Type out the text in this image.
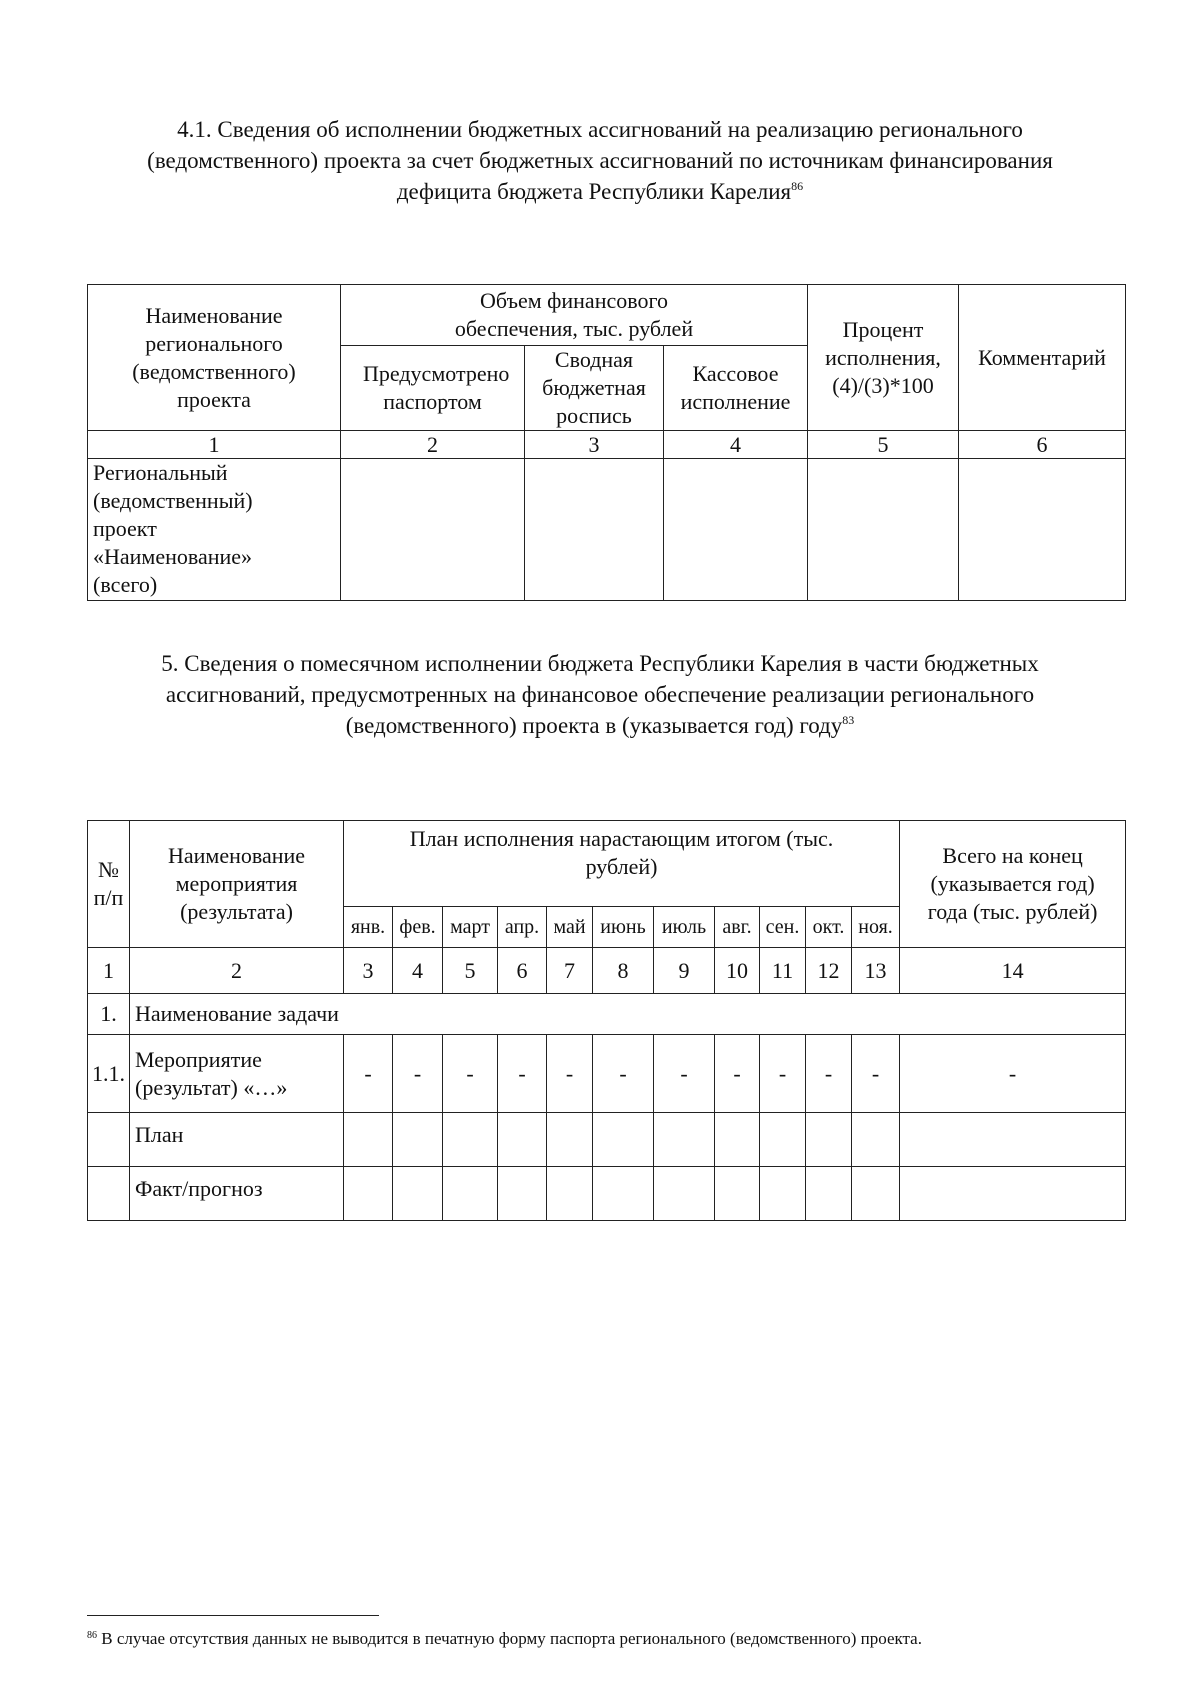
4.1. Сведения об исполнении бюджетных ассигнований на реализацию регионального
(ведомственного) проекта за счет бюджетных ассигнований по источникам финансирования
дефицита бюджета Республики Карелия$^{86}$
Наименование регионального (ведомственного) проекта	Объем финансового обеспечения, тыс. рублей			Процент исполнения, (4)/(3)*100	Комментарий
	Предусмотрено паспортом	Сводная бюджетная роспись	Кассовое исполнение		
1	2	3	4	5	6
Региональный (ведомственный) проект «Наименование» (всего)					
5. Сведения о помесячном исполнении бюджета Республики Карелия в части бюджетных
ассигнований, предусмотренных на финансовое обеспечение реализации регионального
(ведомственного) проекта в (указывается год) году$^{83}$
№ п/п	Наименование мероприятия (результата)	План исполнения нарастающим итогом (тыс. рублей)											Всего на конец (указывается год) года (тыс. рублей)
		янв.	фев.	март	апр.	май	июнь	июль	авг.	сен.	окт.	ноя.	
1	2	3	4	5	6	7	8	9	10	11	12	13	14
1.	Наименование задачи												
1.1.	Мероприятие (результат) «…»	-	-	-	-	-	-	-	-	-	-	-	-
	План												
	Факт/прогноз												

$^{86}$ В случае отсутствия данных не выводится в печатную форму паспорта регионального (ведомственного) проекта.
